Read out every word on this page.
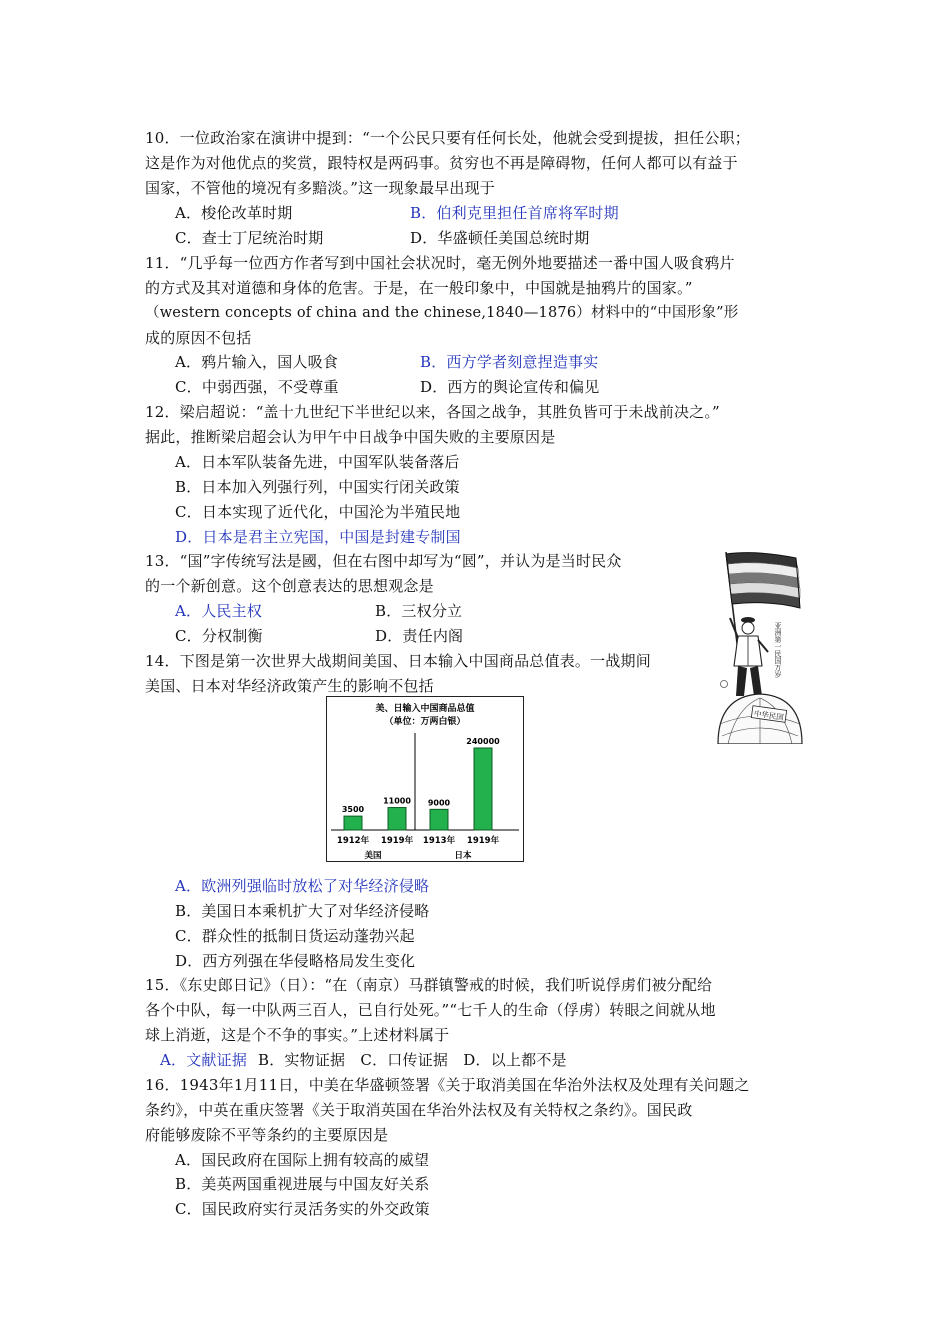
10．一位政治家在演讲中提到：“一个公民只要有任何长处，他就会受到提拔，担任公职；
这是作为对他优点的奖赏，跟特权是两码事。贫穷也不再是障碍物，任何人都可以有益于
国家，不管他的境况有多黯淡。”这一现象最早出现于
A．梭伦改革时期	B．伯利克里担任首席将军时期
C．查士丁尼统治时期	D．华盛顿任美国总统时期
11．“几乎每一位西方作者写到中国社会状况时，毫无例外地要描述一番中国人吸食鸦片
的方式及其对道德和身体的危害。于是，在一般印象中，中国就是抽鸦片的国家。”
（western concepts of china and the chinese,1840—1876）材料中的“中国形象”形
成的原因不包括
A．鸦片输入，国人吸食	B．西方学者刻意捏造事实
C．中弱西强，不受尊重	D．西方的舆论宣传和偏见
12．梁启超说：“盖十九世纪下半世纪以来，各国之战争，其胜负皆可于未战前决之。”
据此，推断梁启超会认为甲午中日战争中国失败的主要原因是
A．日本军队装备先进，中国军队装备落后
B．日本加入列强行列，中国实行闭关政策
C．日本实现了近代化，中国沦为半殖民地
D．日本是君主立宪国，中国是封建专制国
13．“国”字传统写法是國，但在右图中却写为“囻”，并认为是当时民众
的一个新创意。这个创意表达的思想观念是
A．人民主权	B．三权分立
C．分权制衡	D．责任内阁	亚洲第一民国万岁
中华民国
14．下图是第一次世界大战期间美国、日本输入中国商品总值表。一战期间
美国、日本对华经济政策产生的影响不包括
美、日输入中国商品总值
（单位：万两白银）
3500
1912年
11000
1919年
9000
1913年
240000
1919年
美国	日本
A．欧洲列强临时放松了对华经济侵略
B．美国日本乘机扩大了对华经济侵略
C．群众性的抵制日货运动蓬勃兴起
D．西方列强在华侵略格局发生变化
15．《东史郎日记》（日）：“在（南京）马群镇警戒的时候，我们听说俘虏们被分配给
各个中队，每一中队两三百人，已自行处死。”“七千人的生命（俘虏）转眼之间就从地
球上消逝，这是个不争的事实。”上述材料属于
A．文献证据 B．实物证据　C．口传证据　D．以上都不是
16．1943年1月11日，中美在华盛顿签署《关于取消美国在华治外法权及处理有关问题之
条约》，中英在重庆签署《关于取消英国在华治外法权及有关特权之条约》。国民政
府能够废除不平等条约的主要原因是
A．国民政府在国际上拥有较高的威望
B．美英两国重视进展与中国友好关系
C．国民政府实行灵活务实的外交政策
